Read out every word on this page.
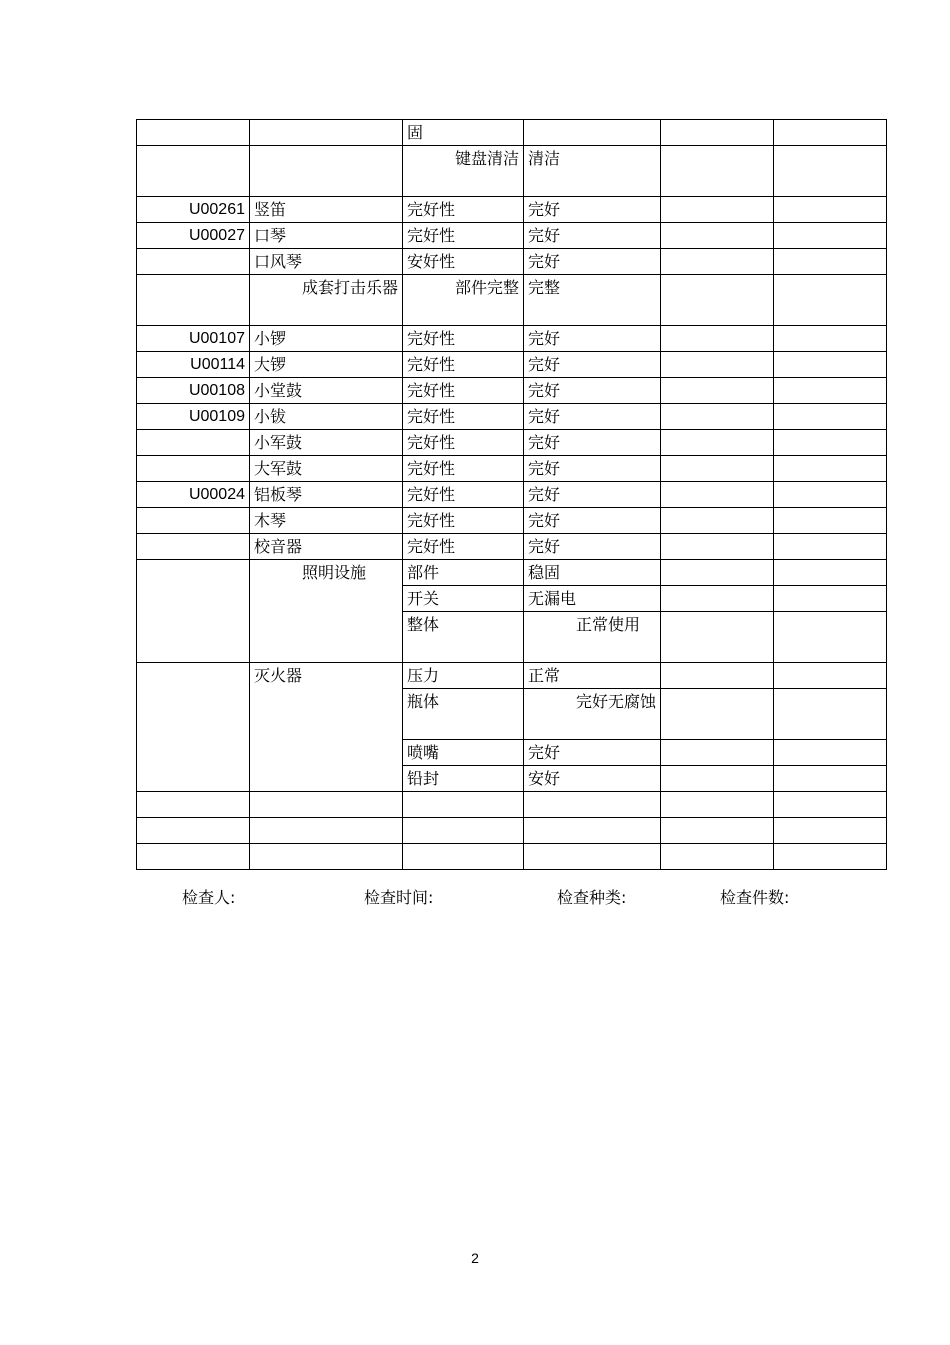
		固			
		键盘清洁	清洁		
U00261	竖笛	完好性	完好		
U00027	口琴	完好性	完好		
	口风琴	安好性	完好		
	成套打击乐器	部件完整	完整		
U00107	小锣	完好性	完好		
U00114	大锣	完好性	完好		
U00108	小堂鼓	完好性	完好		
U00109	小钹	完好性	完好		
	小军鼓	完好性	完好		
	大军鼓	完好性	完好		
U00024	铝板琴	完好性	完好		
	木琴	完好性	完好		
	校音器	完好性	完好		
	照明设施	部件	稳固		
		开关	无漏电		
		整体	正常使用		
	灭火器	压力	正常		
		瓶体	完好无腐蚀		
		喷嘴	完好		
		铅封	安好		

检查人:	检查时间:	检查种类:	检查件数:
2
